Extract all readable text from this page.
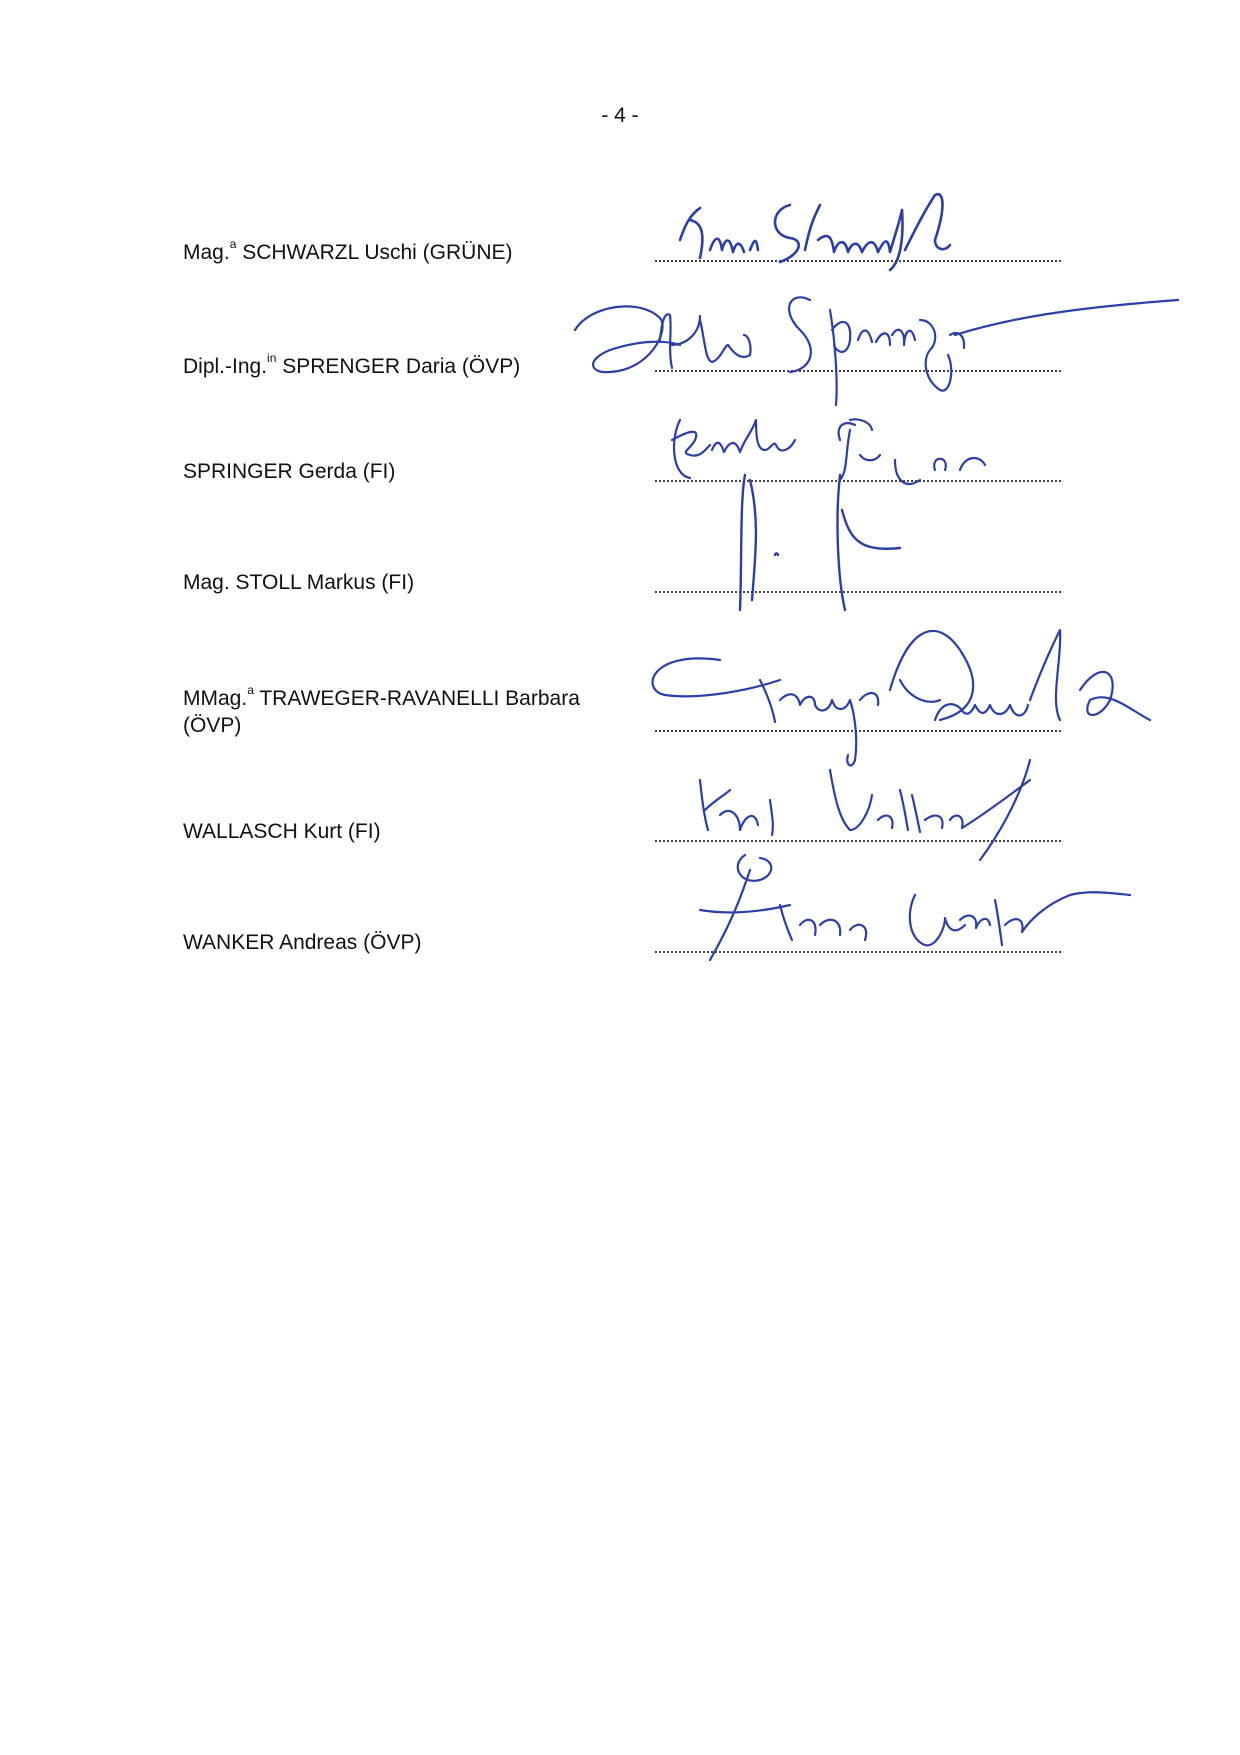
- 4 -
Mag.$^a$ SCHWARZL Uschi (GRÜNE)
Dipl.-Ing.$^{in}$ SPRENGER Daria (ÖVP)
SPRINGER Gerda (FI)
Mag. STOLL Markus (FI)
MMag.$^a$ TRAWEGER-RAVANELLI Barbara (ÖVP)
WALLASCH Kurt (FI)
WANKER Andreas (ÖVP)
